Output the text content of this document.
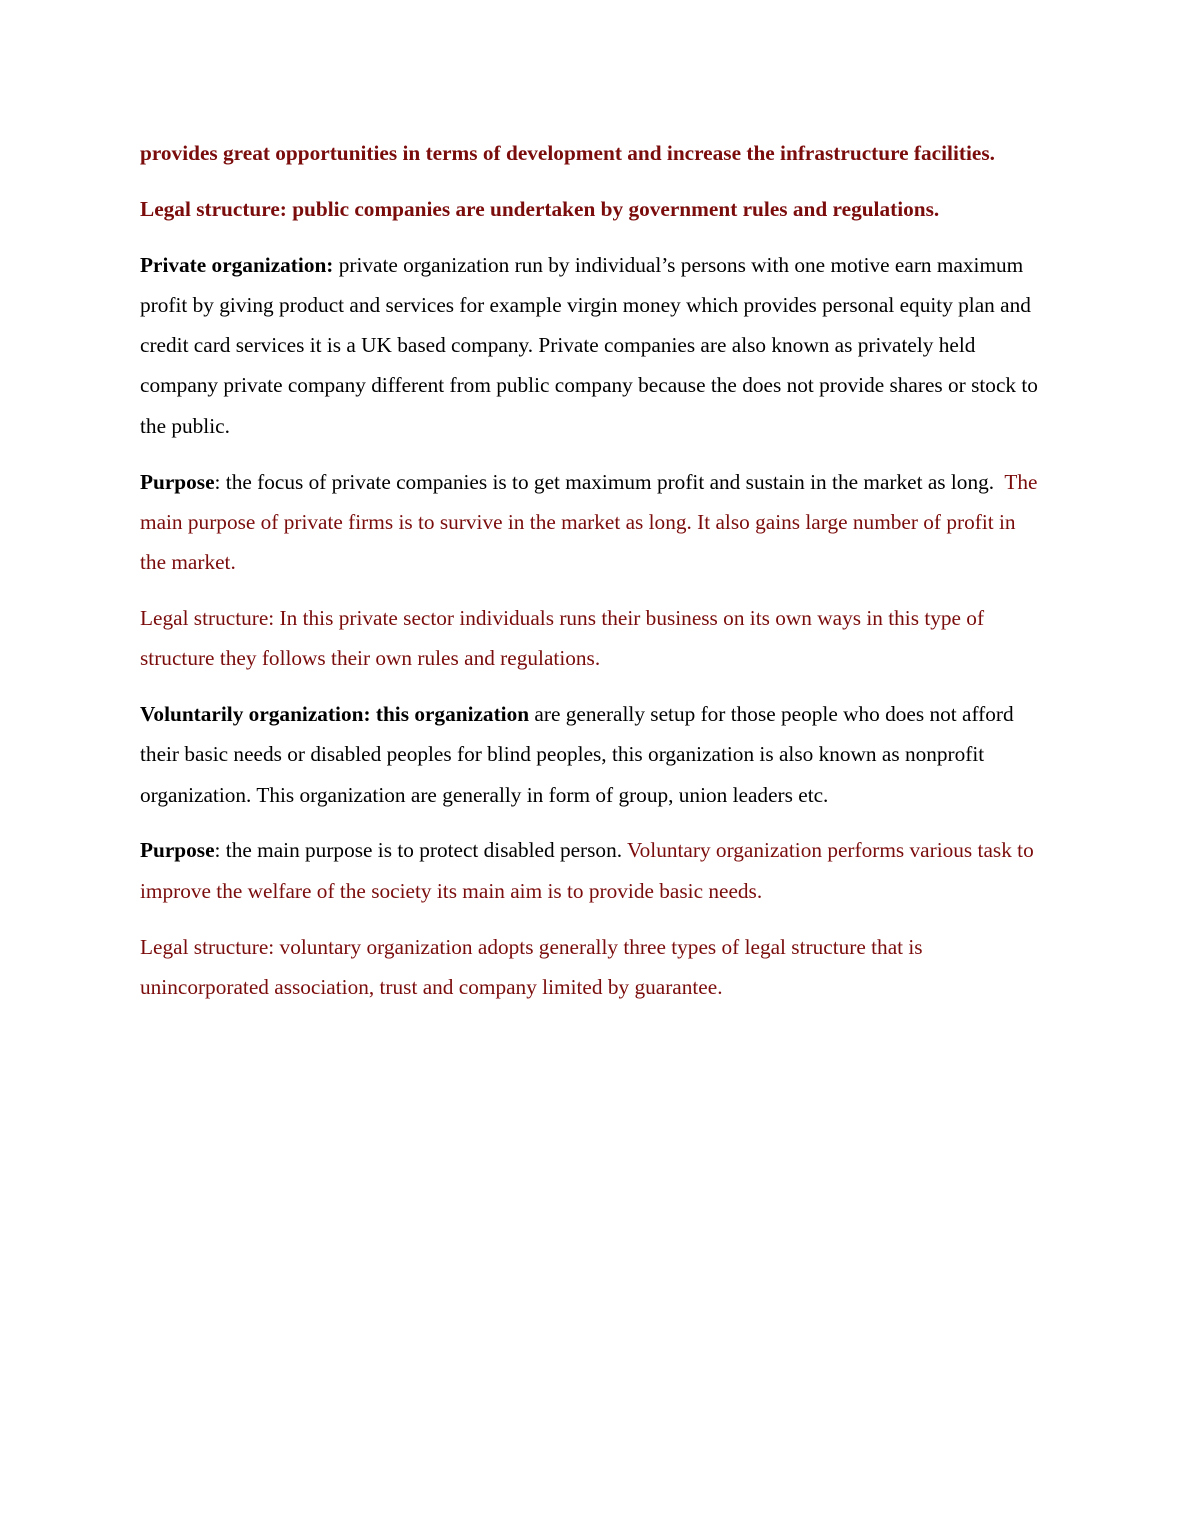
provides great opportunities in terms of development and increase the infrastructure facilities.

Legal structure: public companies are undertaken by government rules and regulations.

Private organization: private organization run by individual’s persons with one motive earn maximum profit by giving product and services for example virgin money which provides personal equity plan and credit card services it is a UK based company. Private companies are also known as privately held company private company different from public company because the does not provide shares or stock to the public.

Purpose: the focus of private companies is to get maximum profit and sustain in the market as long.  The main purpose of private firms is to survive in the market as long. It also gains large number of profit in the market.

Legal structure: In this private sector individuals runs their business on its own ways in this type of structure they follows their own rules and regulations.

Voluntarily organization: this organization are generally setup for those people who does not afford their basic needs or disabled peoples for blind peoples, this organization is also known as nonprofit organization. This organization are generally in form of group, union leaders etc.

Purpose: the main purpose is to protect disabled person. Voluntary organization performs various task to improve the welfare of the society its main aim is to provide basic needs.

Legal structure: voluntary organization adopts generally three types of legal structure that is unincorporated association, trust and company limited by guarantee.
